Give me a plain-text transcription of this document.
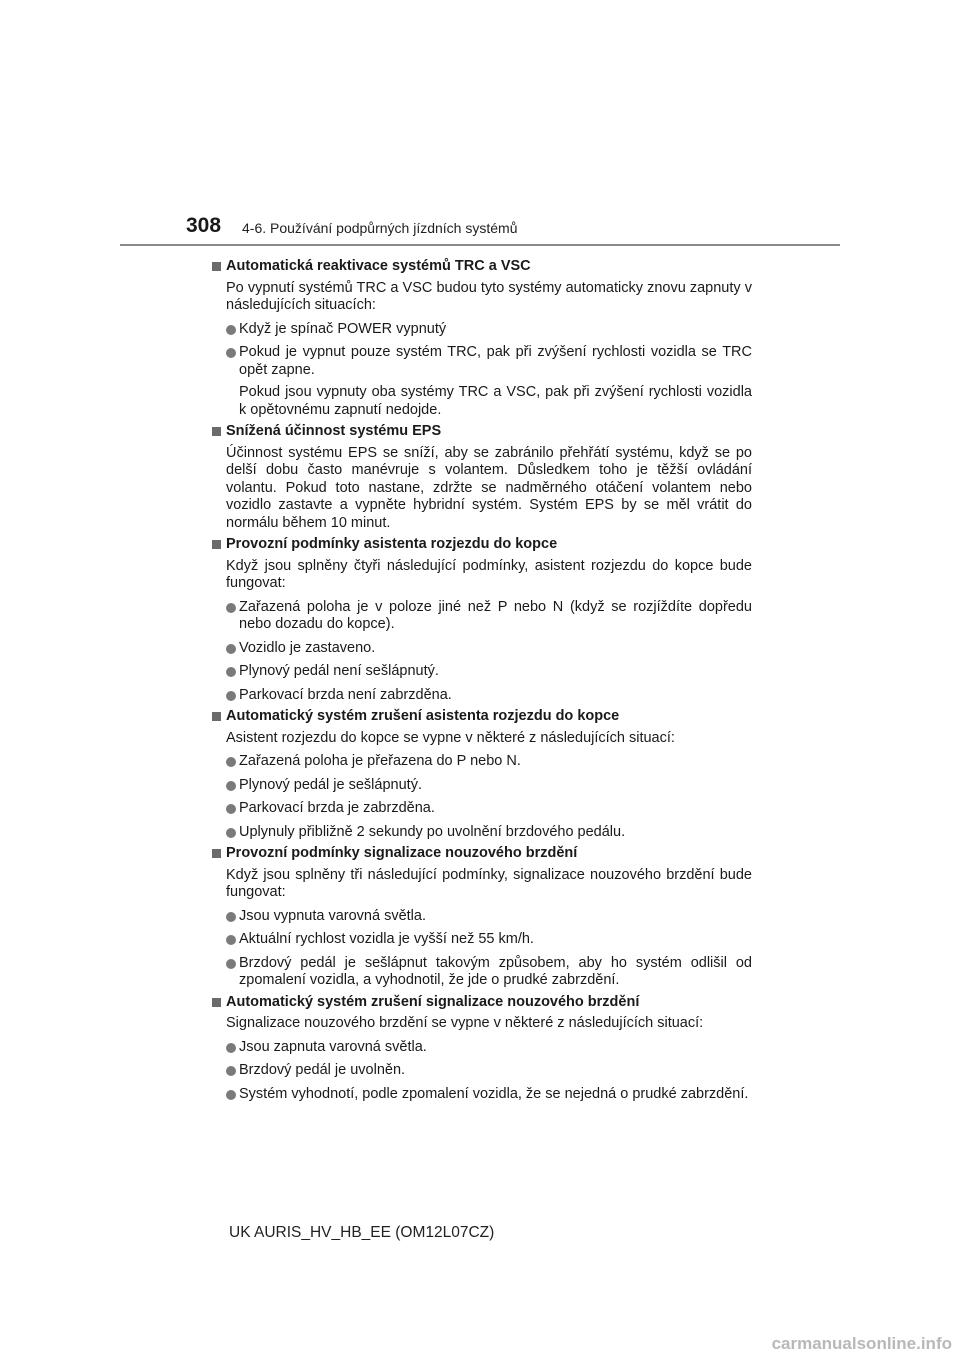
308 4-6. Používání podpůrných jízdních systémů
Automatická reaktivace systémů TRC a VSC
Po vypnutí systémů TRC a VSC budou tyto systémy automaticky znovu zapnuty v následujících situacích:
Když je spínač POWER vypnutý
Pokud je vypnut pouze systém TRC, pak při zvýšení rychlosti vozidla se TRC opět zapne.
Pokud jsou vypnuty oba systémy TRC a VSC, pak při zvýšení rychlosti vozidla k opětovnému zapnutí nedojde.
Snížená účinnost systému EPS
Účinnost systému EPS se sníží, aby se zabránilo přehřátí systému, když se po delší dobu často manévruje s volantem. Důsledkem toho je těžší ovládání volantu. Pokud toto nastane, zdržte se nadměrného otáčení volantem nebo vozidlo zastavte a vypněte hybridní systém. Systém EPS by se měl vrátit do normálu během 10 minut.
Provozní podmínky asistenta rozjezdu do kopce
Když jsou splněny čtyři následující podmínky, asistent rozjezdu do kopce bude fungovat:
Zařazená poloha je v poloze jiné než P nebo N (když se rozjíždíte dopředu nebo dozadu do kopce).
Vozidlo je zastaveno.
Plynový pedál není sešlápnutý.
Parkovací brzda není zabrzděna.
Automatický systém zrušení asistenta rozjezdu do kopce
Asistent rozjezdu do kopce se vypne v některé z následujících situací:
Zařazená poloha je přeřazena do P nebo N.
Plynový pedál je sešlápnutý.
Parkovací brzda je zabrzděna.
Uplynuly přibližně 2 sekundy po uvolnění brzdového pedálu.
Provozní podmínky signalizace nouzového brzdění
Když jsou splněny tři následující podmínky, signalizace nouzového brzdění bude fungovat:
Jsou vypnuta varovná světla.
Aktuální rychlost vozidla je vyšší než 55 km/h.
Brzdový pedál je sešlápnut takovým způsobem, aby ho systém odlišil od zpomalení vozidla, a vyhodnotil, že jde o prudké zabrzdění.
Automatický systém zrušení signalizace nouzového brzdění
Signalizace nouzového brzdění se vypne v některé z následujících situací:
Jsou zapnuta varovná světla.
Brzdový pedál je uvolněn.
Systém vyhodnotí, podle zpomalení vozidla, že se nejedná o prudké zabrzdění.
UK AURIS_HV_HB_EE (OM12L07CZ)
carmanualsonline.info
